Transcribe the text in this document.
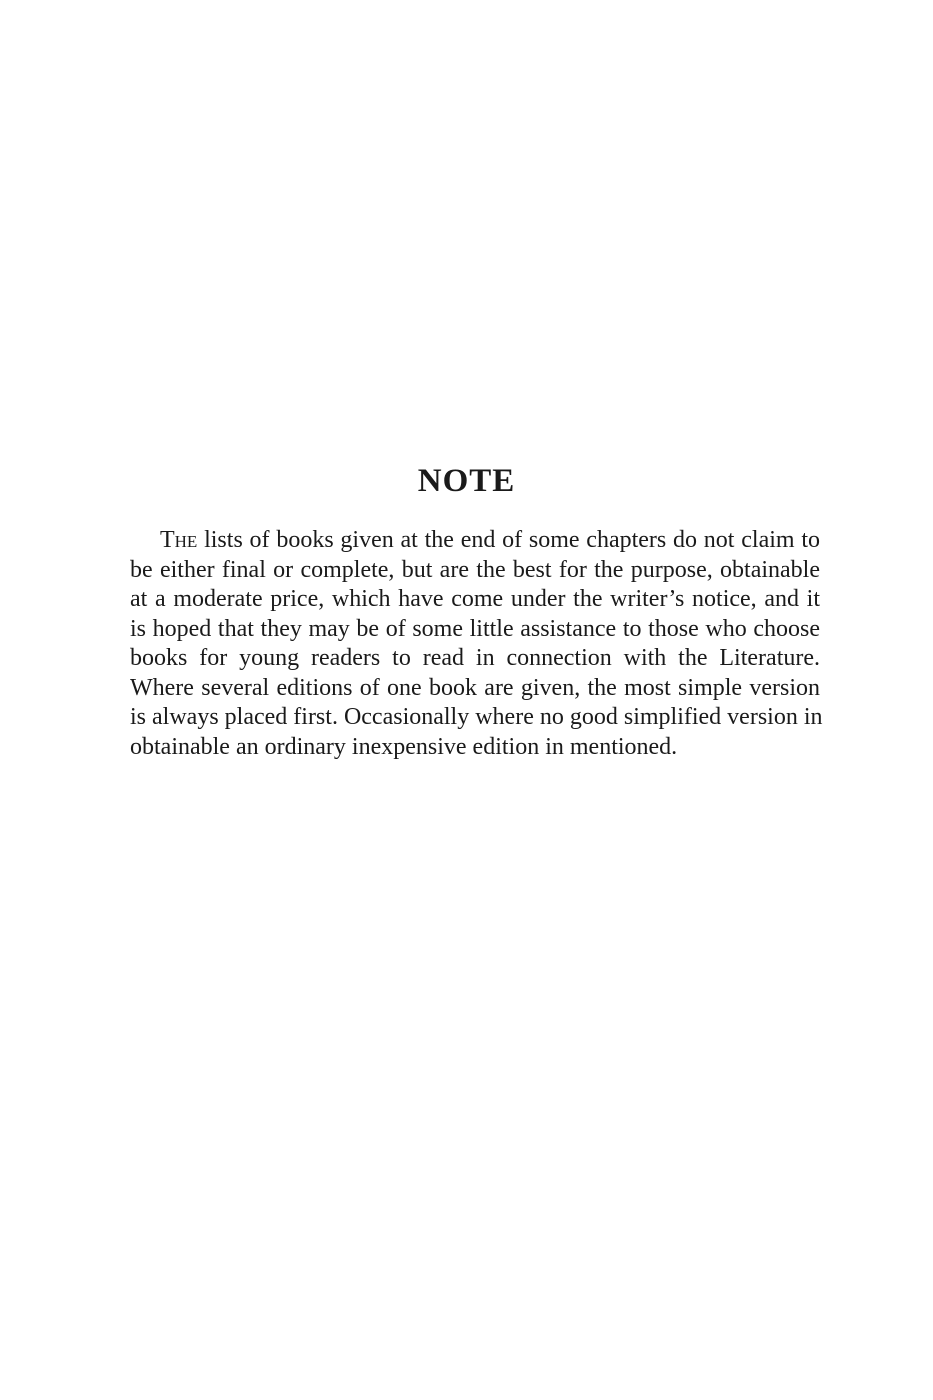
NOTE
The lists of books given at the end of some chapters do not claim to
be either final or complete, but are the best for the purpose, obtainable
at a moderate price, which have come under the writer’s notice, and it
is hoped that they may be of some little assistance to those who choose
books for young readers to read in connection with the Literature.
Where several editions of one book are given, the most simple version
is always placed first. Occasionally where no good simplified version in
obtainable an ordinary inexpensive edition in mentioned.
